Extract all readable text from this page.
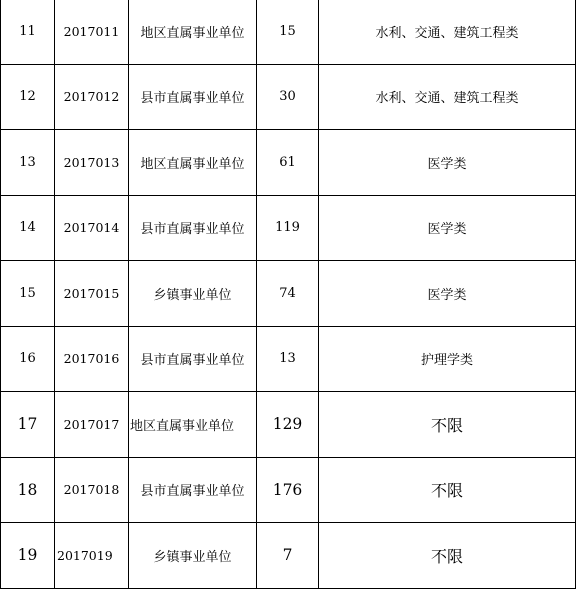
11	2017011	地区直属事业单位	15	水利、交通、建筑工程类
12	2017012	县市直属事业单位	30	水利、交通、建筑工程类
13	2017013	地区直属事业单位	61	医学类
14	2017014	县市直属事业单位	119	医学类
15	2017015	乡镇事业单位	74	医学类
16	2017016	县市直属事业单位	13	护理学类
17	2017017	地区直属事业单位	129	不限
18	2017018	县市直属事业单位	176	不限
19	2017019	乡镇事业单位	7	不限
